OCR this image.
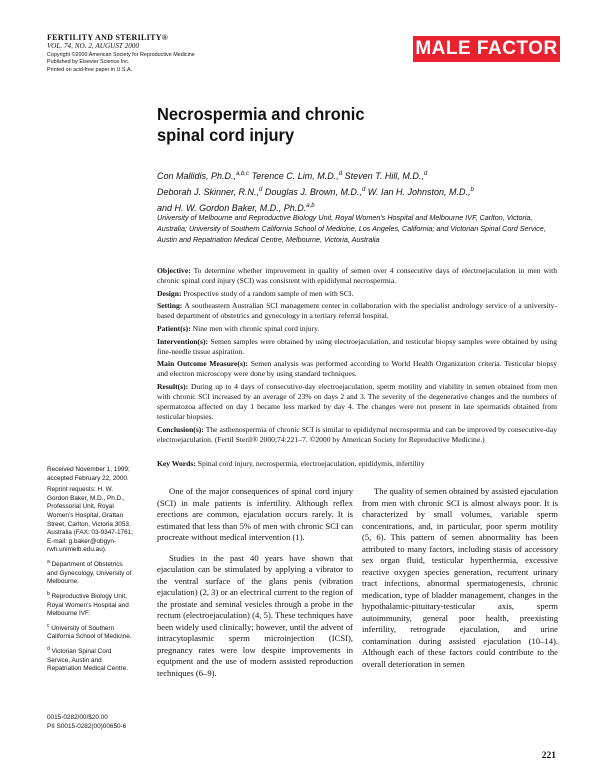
FERTILITY AND STERILITY®
VOL. 74, NO. 2, AUGUST 2000
Copyright ©2000 American Society for Reproductive Medicine
Published by Elsevier Science Inc.
Printed on acid-free paper in U.S.A.
MALE FACTOR
Necrospermia and chronic spinal cord injury
Con Mallidis, Ph.D.,$^{a,b,c}$ Terence C. Lim, M.D.,$^d$ Steven T. Hill, M.D.,$^d$
Deborah J. Skinner, R.N.,$^d$ Douglas J. Brown, M.D.,$^d$ W. Ian H. Johnston, M.D.,$^b$
and H. W. Gordon Baker, M.D., Ph.D.$^{a,b}$
University of Melbourne and Reproductive Biology Unit, Royal Women’s Hospital and Melbourne IVF, Carlton, Victoria, Australia; University of Southern California School of Medicine, Los Angeles, California; and Victorian Spinal Cord Service, Austin and Repatriation Medical Centre, Melbourne, Victoria, Australia

Objective: To determine whether improvement in quality of semen over 4 consecutive days of electroejaculation in men with chronic spinal cord injury (SCI) was consistent with epididymal necrospermia.

Design: Prospective study of a random sample of men with SCI.

Setting: A southeastern Australian SCI management center in collaboration with the specialist andrology service of a university-based department of obstetrics and gynecology in a tertiary referral hospital.

Patient(s): Nine men with chronic spinal cord injury.

Intervention(s): Semen samples were obtained by using electroejaculation, and testicular biopsy samples were obtained by using fine-needle tissue aspiration.

Main Outcome Measure(s): Semen analysis was performed according to World Health Organization criteria. Testicular biopsy and electron microscopy were done by using standard techniques.

Result(s): During up to 4 days of consecutive-day electroejaculation, sperm motility and viability in semen obtained from men with chronic SCI increased by an average of 23% on days 2 and 3. The severity of the degenerative changes and the numbers of spermatozoa affected on day 1 became less marked by day 4. The changes were not present in late spermatids obtained from testicular biopsies.

Conclusion(s): The asthenospermia of chronic SCI is similar to epididymal necrospermia and can be improved by consecutive-day electroejaculation. (Fertil Steril® 2000;74:221–7. ©2000 by American Society for Reproductive Medicine.)

Key Words: Spinal cord injury, necrospermia, electroejaculation, epididymis, infertility

Received November 1, 1999; accepted February 22, 2000.

Reprint requests: H. W. Gordon Baker, M.D., Ph.D., Professorial Unit, Royal Women’s Hospital, Grattan Street, Carlton, Victoria 3053, Australia (FAX: 03-9347-1761; E-mail: g.baker@obgyn-rwh.unimelb.edu.au).

$^a$ Department of Obstetrics and Gynecology, University of Melbourne.

$^b$ Reproductive Biology Unit, Royal Women’s Hospital and Melbourne IVF.

$^c$ University of Southern California School of Medicine.

$^d$ Victorian Spinal Cord Service, Austin and Repatriation Medical Centre.

0015-0282/00/$20.00
PII S0015-0282(00)00650-6

One of the major consequences of spinal cord injury (SCI) in male patients is infertility. Although reflex erections are common, ejaculation occurs rarely. It is estimated that less than 5% of men with chronic SCI can procreate without medical intervention (1).

Studies in the past 40 years have shown that ejaculation can be stimulated by applying a vibrator to the ventral surface of the glans penis (vibration ejaculation) (2, 3) or an electrical current to the region of the prostate and seminal vesicles through a probe in the rectum (electroejaculation) (4, 5). These techniques have been widely used clinically; however, until the advent of intracytoplasmic sperm microinjection (ICSI), pregnancy rates were low despite improvements in equipment and the use of modern assisted reproduction techniques (6–9).

The quality of semen obtained by assisted ejaculation from men with chronic SCI is almost always poor. It is characterized by small volumes, variable sperm concentrations, and, in particular, poor sperm motility (5, 6). This pattern of semen abnormality has been attributed to many factors, including stasis of accessory sex organ fluid, testicular hyperthermia, excessive reactive oxygen species generation, recurrent urinary tract infections, abnormal spermatogenesis, chronic medication, type of bladder management, changes in the hypothalamic-pituitary-testicular axis, sperm autoimmunity, general poor health, preexisting infertility, retrograde ejaculation, and urine contamination during assisted ejaculation (10–14). Although each of these factors could contribute to the overall deterioration in semen

221
